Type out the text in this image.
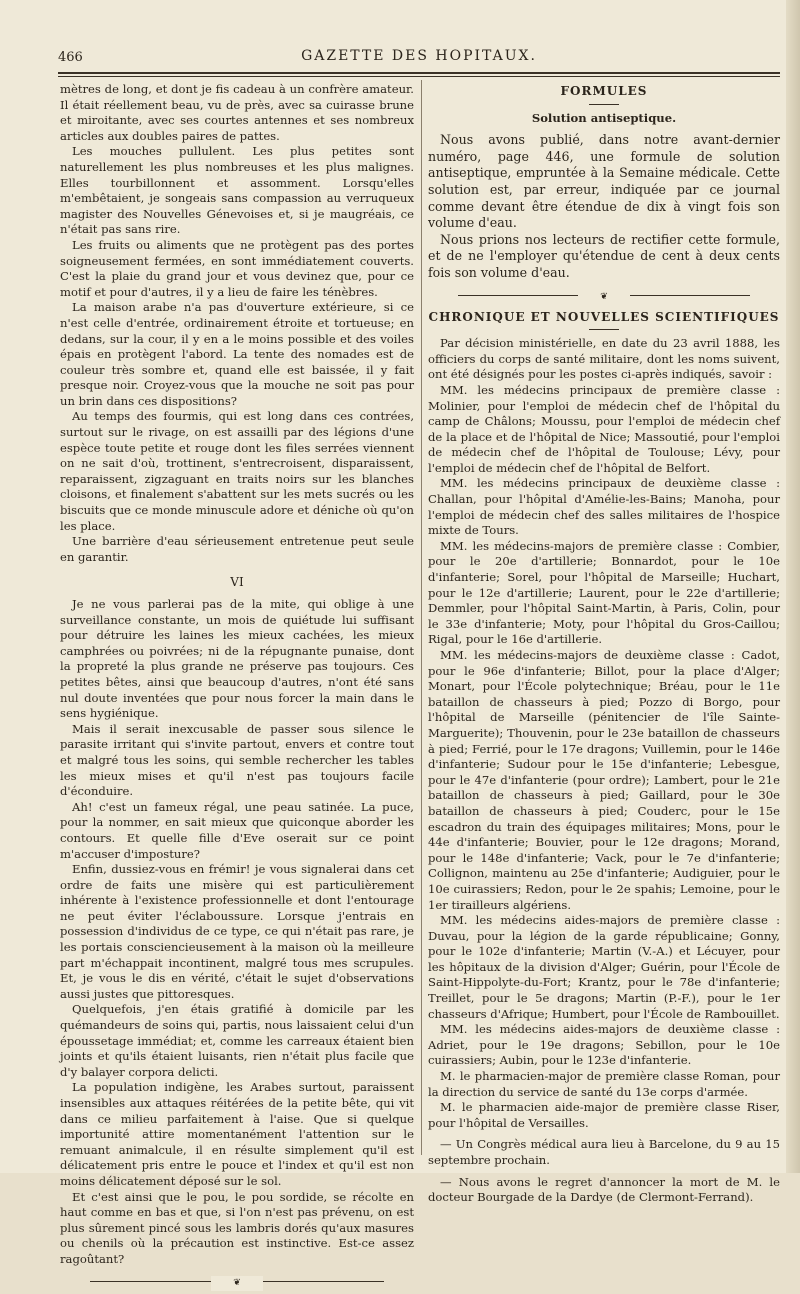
466	GAZETTE DES HOPITAUX.

mètres de long, et dont je fis cadeau à un confrère amateur. Il était réellement beau, vu de près, avec sa cuirasse brune et miroitante, avec ses courtes antennes et ses nombreux articles aux doubles paires de pattes.

Les mouches pullulent. Les plus petites sont naturellement les plus nombreuses et les plus malignes. Elles tourbillonnent et assomment. Lorsqu'elles m'embêtaient, je songeais sans compassion au verruqueux magister des Nouvelles Génevoises et, si je maugréais, ce n'était pas sans rire.

Les fruits ou aliments que ne protègent pas des portes soigneusement fermées, en sont immédiatement couverts. C'est la plaie du grand jour et vous devinez que, pour ce motif et pour d'autres, il y a lieu de faire les ténèbres.

La maison arabe n'a pas d'ouverture extérieure, si ce n'est celle d'entrée, ordinairement étroite et tortueuse; en dedans, sur la cour, il y en a le moins possible et des voiles épais en protègent l'abord. La tente des nomades est de couleur très sombre et, quand elle est baissée, il y fait presque noir. Croyez-vous que la mouche ne soit pas pour un brin dans ces dispositions?

Au temps des fourmis, qui est long dans ces contrées, surtout sur le rivage, on est assailli par des légions d'une espèce toute petite et rouge dont les files serrées viennent on ne sait d'où, trottinent, s'entrecroisent, disparaissent, reparaissent, zigzaguant en traits noirs sur les blanches cloisons, et finalement s'abattent sur les mets sucrés ou les biscuits que ce monde minuscule adore et déniche où qu'on les place.

Une barrière d'eau sérieusement entretenue peut seule en garantir.

VI

Je ne vous parlerai pas de la mite, qui oblige à une surveillance constante, un mois de quiétude lui suffisant pour détruire les laines les mieux cachées, les mieux camphrées ou poivrées; ni de la répugnante punaise, dont la propreté la plus grande ne préserve pas toujours. Ces petites bêtes, ainsi que beaucoup d'autres, n'ont été sans nul doute inventées que pour nous forcer la main dans le sens hygiénique.

Mais il serait inexcusable de passer sous silence le parasite irritant qui s'invite partout, envers et contre tout et malgré tous les soins, qui semble rechercher les tables les mieux mises et qu'il n'est pas toujours facile d'éconduire.

Ah! c'est un fameux régal, une peau satinée. La puce, pour la nommer, en sait mieux que quiconque aborder les contours. Et quelle fille d'Eve oserait sur ce point m'accuser d'imposture?

Enfin, dussiez-vous en frémir! je vous signalerai dans cet ordre de faits une misère qui est particulièrement inhérente à l'existence professionnelle et dont l'entourage ne peut éviter l'éclaboussure. Lorsque j'entrais en possession d'individus de ce type, ce qui n'était pas rare, je les portais consciencieusement à la maison où la meilleure part m'échappait incontinent, malgré tous mes scrupules. Et, je vous le dis en vérité, c'était le sujet d'observations aussi justes que pittoresques.

Quelquefois, j'en étais gratifié à domicile par les quémandeurs de soins qui, partis, nous laissaient celui d'un époussetage immédiat; et, comme les carreaux étaient bien joints et qu'ils étaient luisants, rien n'était plus facile que d'y balayer corpora delicti.

La population indigène, les Arabes surtout, paraissent insensibles aux attaques réitérées de la petite bête, qui vit dans ce milieu parfaitement à l'aise. Que si quelque importunité attire momentanément l'attention sur le remuant animalcule, il en résulte simplement qu'il est délicatement pris entre le pouce et l'index et qu'il est non moins délicatement déposé sur le sol.

Et c'est ainsi que le pou, le pou sordide, se récolte en haut comme en bas et que, si l'on n'est pas prévenu, on est plus sûrement pincé sous les lambris dorés qu'aux masures ou chenils où la précaution est instinctive. Est-ce assez ragoûtant?

❦
FORMULES
Solution antiseptique.

Nous avons publié, dans notre avant-dernier numéro, page 446, une formule de solution antiseptique, empruntée à la Semaine médicale. Cette solution est, par erreur, indiquée par ce journal comme devant être étendue de dix à vingt fois son volume d'eau.

Nous prions nos lecteurs de rectifier cette formule, et de ne l'employer qu'étendue de cent à deux cents fois son volume d'eau.

❦
CHRONIQUE ET NOUVELLES SCIENTIFIQUES

Par décision ministérielle, en date du 23 avril 1888, les officiers du corps de santé militaire, dont les noms suivent, ont été désignés pour les postes ci-après indiqués, savoir :

MM. les médecins principaux de première classe : Molinier, pour l'emploi de médecin chef de l'hôpital du camp de Châlons; Moussu, pour l'emploi de médecin chef de la place et de l'hôpital de Nice; Massoutié, pour l'emploi de médecin chef de l'hôpital de Toulouse; Lévy, pour l'emploi de médecin chef de l'hôpital de Belfort.

MM. les médecins principaux de deuxième classe : Challan, pour l'hôpital d'Amélie-les-Bains; Manoha, pour l'emploi de médecin chef des salles militaires de l'hospice mixte de Tours.

MM. les médecins-majors de première classe : Combier, pour le 20e d'artillerie; Bonnardot, pour le 10e d'infanterie; Sorel, pour l'hôpital de Marseille; Huchart, pour le 12e d'artillerie; Laurent, pour le 22e d'artillerie; Demmler, pour l'hôpital Saint-Martin, à Paris, Colin, pour le 33e d'infanterie; Moty, pour l'hôpital du Gros-Caillou; Rigal, pour le 16e d'artillerie.

MM. les médecins-majors de deuxième classe : Cadot, pour le 96e d'infanterie; Billot, pour la place d'Alger; Monart, pour l'École polytechnique; Bréau, pour le 11e bataillon de chasseurs à pied; Pozzo di Borgo, pour l'hôpital de Marseille (pénitencier de l'île Sainte-Marguerite); Thouvenin, pour le 23e bataillon de chasseurs à pied; Ferrié, pour le 17e dragons; Vuillemin, pour le 146e d'infanterie; Sudour pour le 15e d'infanterie; Lebesgue, pour le 47e d'infanterie (pour ordre); Lambert, pour le 21e bataillon de chasseurs à pied; Gaillard, pour le 30e bataillon de chasseurs à pied; Couderc, pour le 15e escadron du train des équipages militaires; Mons, pour le 44e d'infanterie; Bouvier, pour le 12e dragons; Morand, pour le 148e d'infanterie; Vack, pour le 7e d'infanterie; Collignon, maintenu au 25e d'infanterie; Audiguier, pour le 10e cuirassiers; Redon, pour le 2e spahis; Lemoine, pour le 1er tirailleurs algériens.

MM. les médecins aides-majors de première classe : Duvau, pour la légion de la garde républicaine; Gonny, pour le 102e d'infanterie; Martin (V.-A.) et Lécuyer, pour les hôpitaux de la division d'Alger; Guérin, pour l'École de Saint-Hippolyte-du-Fort; Krantz, pour le 78e d'infanterie; Treillet, pour le 5e dragons; Martin (P.-F.), pour le 1er chasseurs d'Afrique; Humbert, pour l'École de Rambouillet.

MM. les médecins aides-majors de deuxième classe : Adriet, pour le 19e dragons; Sebillon, pour le 10e cuirassiers; Aubin, pour le 123e d'infanterie.

M. le pharmacien-major de première classe Roman, pour la direction du service de santé du 13e corps d'armée.

M. le pharmacien aide-major de première classe Riser, pour l'hôpital de Versailles.

— Un Congrès médical aura lieu à Barcelone, du 9 au 15 septembre prochain.

— Nous avons le regret d'annoncer la mort de M. le docteur Bourgade de la Dardye (de Clermont-Ferrand).
